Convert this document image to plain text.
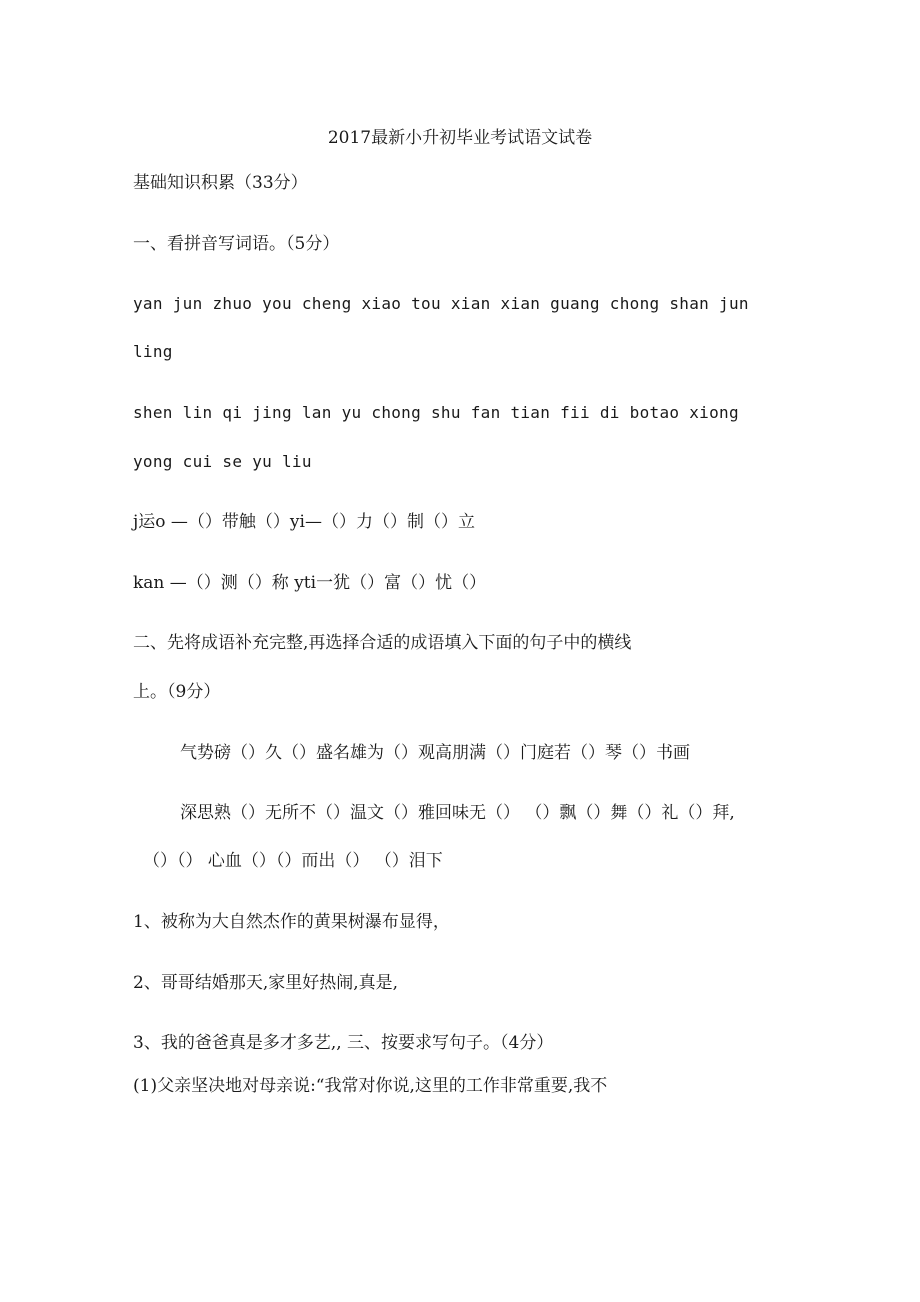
2017最新小升初毕业考试语文试卷
基础知识积累（33分）
一、看拼音写词语。（5分）
yan jun zhuo you cheng xiao tou xian xian guang chong shan jun
ling
shen lin qi jing lan yu chong shu fan tian fii di botao xiong
yong cui se yu liu
j运o —（）带触（）yi—（）力（）制（）立
kan —（）测（）称 yti一犹（）富（）忧（）
二、先将成语补充完整,再选择合适的成语填入下面的句子中的横线
上。（9分）
气势磅（）久（）盛名雄为（）观高朋满（）门庭若（）琴（）书画
深思熟（）无所不（）温文（）雅回味无（） （）飘（）舞（）礼（）拜,
（）（） 心血（）（）而出（） （）泪下
1、被称为大自然杰作的黄果树瀑布显得，
2、哥哥结婚那天,家里好热闹,真是,
3、我的爸爸真是多才多艺,, 三、按要求写句子。（4分）
(1)父亲坚决地对母亲说:“我常对你说,这里的工作非常重要,我不
